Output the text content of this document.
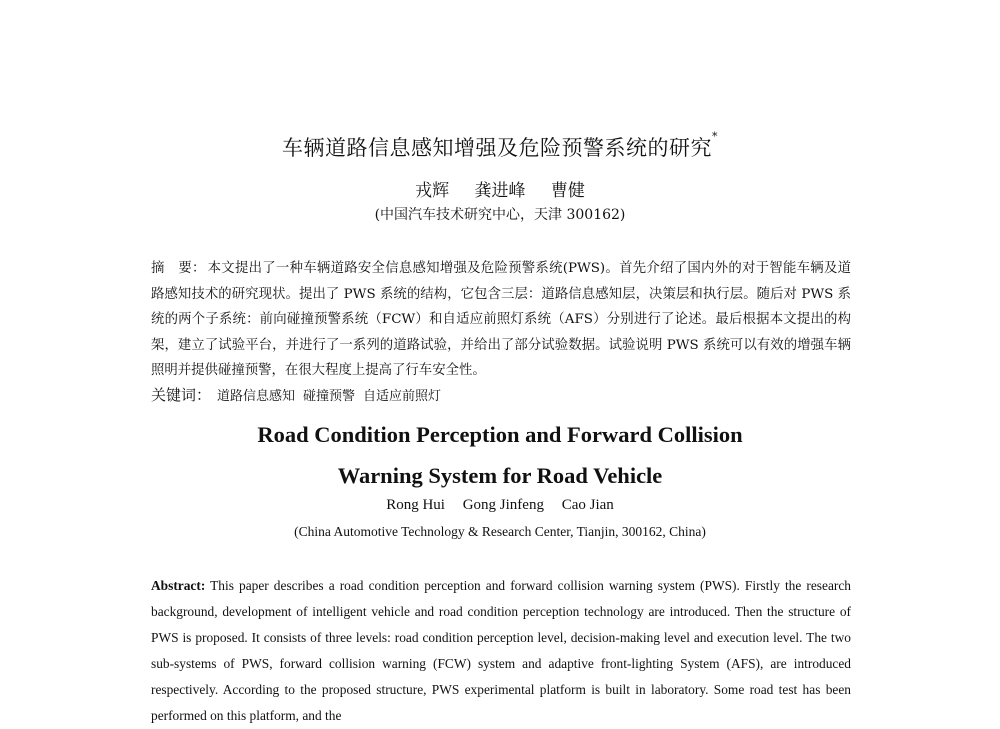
车辆道路信息感知增强及危险预警系统的研究*
戎辉 龚进峰 曹健
(中国汽车技术研究中心，天津 300162)
摘　要： 本文提出了一种车辆道路安全信息感知增强及危险预警系统(PWS)。首先介绍了国内外的对于智能车辆及道路感知技术的研究现状。提出了 PWS 系统的结构，它包含三层：道路信息感知层，决策层和执行层。随后对 PWS 系统的两个子系统：前向碰撞预警系统（FCW）和自适应前照灯系统（AFS）分别进行了论述。最后根据本文提出的构架，建立了试验平台，并进行了一系列的道路试验，并给出了部分试验数据。试验说明 PWS 系统可以有效的增强车辆照明并提供碰撞预警，在很大程度上提高了行车安全性。
关键词： 道路信息感知 碰撞预警 自适应前照灯
Road Condition Perception and Forward Collision
Warning System for Road Vehicle
Rong Hui Gong Jinfeng Cao Jian
(China Automotive Technology & Research Center, Tianjin, 300162, China)
Abstract: This paper describes a road condition perception and forward collision warning system (PWS). Firstly the research background, development of intelligent vehicle and road condition perception technology are introduced. Then the structure of PWS is proposed. It consists of three levels: road condition perception level, decision-making level and execution level. The two sub-systems of PWS, forward collision warning (FCW) system and adaptive front-lighting System (AFS), are introduced respectively. According to the proposed structure, PWS experimental platform is built in laboratory. Some road test has been performed on this platform, and the
